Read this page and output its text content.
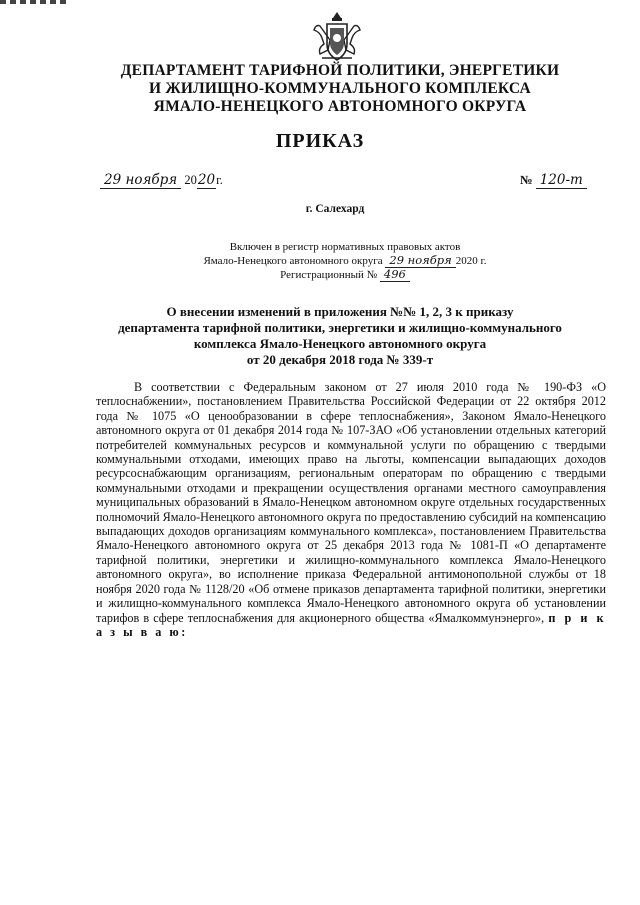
ДЕПАРТАМЕНТ ТАРИФНОЙ ПОЛИТИКИ, ЭНЕРГЕТИКИ
И ЖИЛИЩНО-КОММУНАЛЬНОГО КОМПЛЕКСА
ЯМАЛО-НЕНЕЦКОГО АВТОНОМНОГО ОКРУГА
ПРИКАЗ
29 ноября 2020г.	№ 120-т
г. Салехард
Включен в регистр нормативных правовых актов
Ямало-Ненецкого автономного округа 29 ноября 2020 г.
Регистрационный № 496
О внесении изменений в приложения №№ 1, 2, 3 к приказу
департамента тарифной политики, энергетики и жилищно-коммунального
комплекса Ямало-Ненецкого автономного округа
от 20 декабря 2018 года № 339-т
В соответствии с Федеральным законом от 27 июля 2010 года № 190-ФЗ «О теплоснабжении», постановлением Правительства Российской Федерации от 22 октября 2012 года № 1075 «О ценообразовании в сфере теплоснабжения», Законом Ямало-Ненецкого автономного округа от 01 декабря 2014 года № 107-ЗАО «Об установлении отдельных категорий потребителей коммунальных ресурсов и коммунальной услуги по обращению с твердыми коммунальными отходами, имеющих право на льготы, компенсации выпадающих доходов ресурсоснабжающим организациям, региональным операторам по обращению с твердыми коммунальными отходами и прекращении осуществления органами местного самоуправления муниципальных образований в Ямало-Ненецком автономном округе отдельных государственных полномочий Ямало-Ненецкого автономного округа по предоставлению субсидий на компенсацию выпадающих доходов организациям коммунального комплекса», постановлением Правительства Ямало-Ненецкого автономного округа от 25 декабря 2013 года № 1081-П «О департаменте тарифной политики, энергетики и жилищно-коммунального комплекса Ямало-Ненецкого автономного округа», во исполнение приказа Федеральной антимонопольной службы от 18 ноября 2020 года № 1128/20 «Об отмене приказов департамента тарифной политики, энергетики и жилищно-коммунального комплекса Ямало-Ненецкого автономного округа об установлении тарифов в сфере теплоснабжения для акционерного общества «Ямалкоммунэнерго», п р и к а з ы в а ю:
